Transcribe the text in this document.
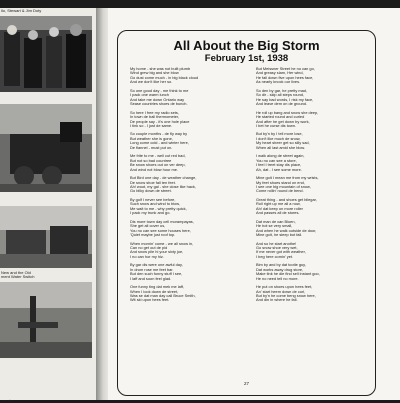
llo, Stewart & Jim Doty
New and the Old
ment Water Switch
rewzie
All About the Big Storm
February 1st, 1938
My home - she was not built plumb
Wind grew big and she blow
Go dust come much - in big black cloud
And we don't like her so.
So one good day - me think to me
I pack one warm lunch
And take me down Ontario way
Sease countries shoes de bunch.
So here I free my radio sets,
In town de ball thermometer,
De people say - it's one hole place
I tink so - I just de same.
So couple months - de fly way by
But weather she is gone,
Long come cold - and winter here,
De flannel - must put on.
Me frite to me - well cut red bad,
But not so bad countree
Be snow shoes out on ver deep,
And wind not blow hour me.
But Bird one day - de weather change,
De snow shoe fall ten feet.
Ah! woot, my gal - she close like hack,
Go bilky down de street.
By golf I never see before,
Such snow and wind to blow,
Me wait to me - why pretty quick,
I pack my trunk and go.
Dis more town day cell morampayas,
She get all cover us,
You no can see some houses here,
'Quiet maybe just roof top.
When mornin' come - we all snow in,
Can no get out de pid
And snow pile hi your sixty joe,
I no can hor my hiz.
By gar dis were one awful day,
In drum rose me feet bar.
But den such funny stuff I see,
I laff and soon feel glad.
One funny ting dat mek me laff,
When I look down de street,
Was se dat man day call Bruce Smith,
Wit ski upon hees feet.
But Meissner Street he no can go,
And greasy slam, Her wind,
He fall down five upon hees face,
As nearly knock our lives.
So den by gar, he pretty mad,
So dir - skip all steps round,
He say bad words, I risk my face,
And leave dem on de ground.
He roll up bang and snow she deep,
He started round and curled
And after he get down by work,
I bet he curse dis town.
But by'n by I tell more lose,
I don't like much de snow,
My heart sheer get so silly sad,
When all last amid she blow.
I walk along de street again,
You no can see a store,
I feel I treet stay dis place,
Ah, dat - I see some more.
Mine goit I mean me from my wrists,
My feet shoes stand on end,
I see one big mountain of snow,
Come rollin' round de bend.
Great thing - and shoes get bilegar,
Roll right up me all a now,
Ah! dat keep on more roller
And passes all de stores.
Dat man de can Bluen,
He hot se very small,
And when he walk outside de door,
Mine goit, he sleep but fall.
And so he start anothe!
Go snow shoe very wet,
If me never got with weather,
I beg here comin' yet.
Bim by and by dat tootie guy,
Dat works away drug store,
Make tink he die find sell instant goo,
He no need tell no more.
He put on shoes upon hees feet,
An' start heem down de curl,
But by'n he come beng snow here,
And din in where he fall.
27
